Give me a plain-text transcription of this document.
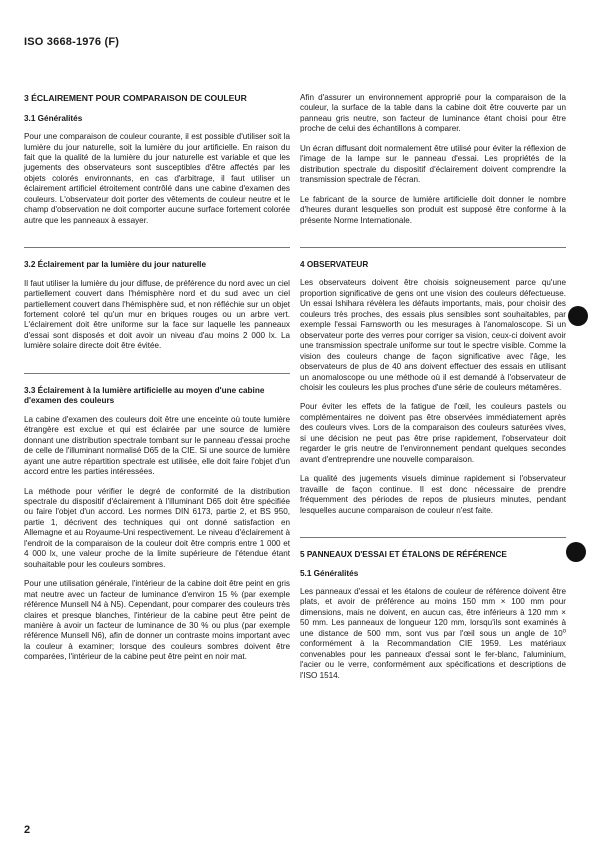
ISO 3668-1976 (F)
3 ÉCLAIREMENT POUR COMPARAISON DE COULEUR
3.1 Généralités

Pour une comparaison de couleur courante, il est possible d'utiliser soit la lumière du jour naturelle, soit la lumière du jour artificielle. En raison du fait que la qualité de la lumière du jour naturelle est variable et que les jugements des observateurs sont susceptibles d'être affectés par les objets colorés environnants, en cas d'arbitrage, il faut utiliser un éclairement artificiel étroitement contrôlé dans une cabine d'examen des couleurs. L'observateur doit porter des vêtements de couleur neutre et le champ d'observation ne doit comporter aucune surface fortement colorée autre que les panneaux à essayer.

3.2 Éclairement par la lumière du jour naturelle

Il faut utiliser la lumière du jour diffuse, de préférence du nord avec un ciel partiellement couvert dans l'hémisphère nord et du sud avec un ciel partiellement couvert dans l'hémisphère sud, et non réfléchie sur un objet fortement coloré tel qu'un mur en briques rouges ou un arbre vert. L'éclairement doit être uniforme sur la face sur laquelle les panneaux d'essai sont disposés et doit avoir un niveau d'au moins 2 000 lx. La lumière solaire directe doit être évitée.

3.3 Éclairement à la lumière artificielle au moyen d'une cabine d'examen des couleurs

La cabine d'examen des couleurs doit être une enceinte où toute lumière étrangère est exclue et qui est éclairée par une source de lumière donnant une distribution spectrale tombant sur le panneau d'essai proche de celle de l'illuminant normalisé D65 de la CIE. Si une source de lumière ayant une autre répartition spectrale est utilisée, elle doit faire l'objet d'un accord entre les parties intéressées.

La méthode pour vérifier le degré de conformité de la distribution spectrale du dispositif d'éclairement à l'illuminant D65 doit être spécifiée ou faire l'objet d'un accord. Les normes DIN 6173, partie 2, et BS 950, partie 1, décrivent des techniques qui ont donné satisfaction en Allemagne et au Royaume-Uni respectivement. Le niveau d'éclairement à l'endroit de la comparaison de la couleur doit être compris entre 1 000 et 4 000 lx, une valeur proche de la limite supérieure de l'étendue étant souhaitable pour les couleurs sombres.

Pour une utilisation générale, l'intérieur de la cabine doit être peint en gris mat neutre avec un facteur de luminance d'environ 15 % (par exemple référence Munsell N4 à N5). Cependant, pour comparer des couleurs très claires et presque blanches, l'intérieur de la cabine peut être peint de manière à avoir un facteur de luminance de 30 % ou plus (par exemple référence Munsell N6), afin de donner un contraste moins important avec la couleur à examiner; lorsque des couleurs sombres doivent être comparées, l'intérieur de la cabine peut être peint en noir mat.

Afin d'assurer un environnement approprié pour la comparaison de la couleur, la surface de la table dans la cabine doit être couverte par un panneau gris neutre, son facteur de luminance étant choisi pour être proche de celui des échantillons à comparer.

Un écran diffusant doit normalement être utilisé pour éviter la réflexion de l'image de la lampe sur le panneau d'essai. Les propriétés de la distribution spectrale du dispositif d'éclairement doivent comprendre la transmission spectrale de l'écran.

Le fabricant de la source de lumière artificielle doit donner le nombre d'heures durant lesquelles son produit est supposé être conforme à la présente Norme Internationale.

4 OBSERVATEUR

Les observateurs doivent être choisis soigneusement parce qu'une proportion significative de gens ont une vision des couleurs défectueuse. Un essai Ishihara révèlera les défauts importants, mais, pour choisir des couleurs très proches, des essais plus sensibles sont souhaitables, par exemple l'essai Farnsworth ou les mesurages à l'anomaloscope. Si un observateur porte des verres pour corriger sa vision, ceux-ci doivent avoir une transmission spectrale uniforme sur tout le spectre visible. Comme la vision des couleurs change de façon significative avec l'âge, les observateurs de plus de 40 ans doivent effectuer des essais en utilisant un anomaloscope ou une méthode où il est demandé à l'observateur de choisir les couleurs les plus proches d'une série de couleurs métamères.

Pour éviter les effets de la fatigue de l'œil, les couleurs pastels ou complémentaires ne doivent pas être observées immédiatement après des couleurs vives. Lors de la comparaison des couleurs saturées vives, si une décision ne peut pas être prise rapidement, l'observateur doit regarder le gris neutre de l'environnement pendant quelques secondes avant d'entreprendre une nouvelle comparaison.

La qualité des jugements visuels diminue rapidement si l'observateur travaille de façon continue. Il est donc nécessaire de prendre fréquemment des périodes de repos de plusieurs minutes, pendant lesquelles aucune comparaison de couleur n'est faite.

5 PANNEAUX D'ESSAI ET ÉTALONS DE RÉFÉRENCE
5.1 Généralités

Les panneaux d'essai et les étalons de couleur de référence doivent être plats, et avoir de préférence au moins 150 mm × 100 mm pour dimensions, mais ne doivent, en aucun cas, être inférieurs à 120 mm × 50 mm. Les panneaux de longueur 120 mm, lorsqu'ils sont examinés à une distance de 500 mm, sont vus par l'œil sous un angle de 10$^o$ conformément à la Recommandation CIE 1959. Les matériaux convenables pour les panneaux d'essai sont le fer-blanc, l'aluminium, l'acier ou le verre, conformément aux spécifications et descriptions de l'ISO 1514.

2
